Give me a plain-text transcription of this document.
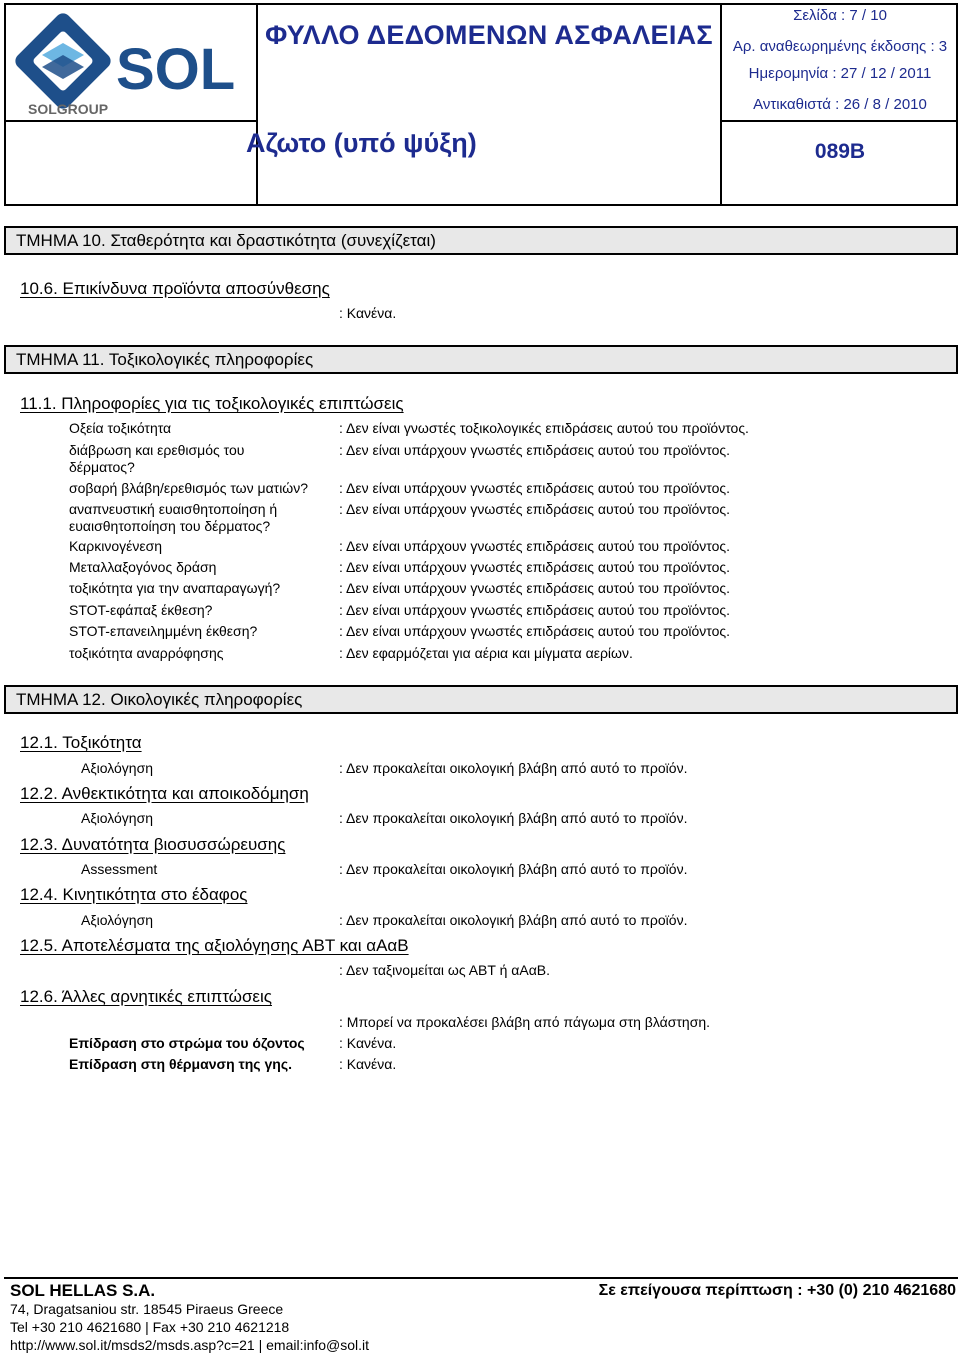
SOL
SOLGROUP
ΦΥΛΛΟ ΔΕΔΟΜΕΝΩΝ ΑΣΦΑΛΕΙΑΣ
Σελίδα : 7 / 10
Αρ. αναθεωρημένης έκδοσης : 3
Ημερομηνία : 27 / 12 / 2011
Αντικαθιστά : 26 / 8 / 2010
Αζωτο (υπό ψύξη)	089B
ΤΜΗΜΑ 10. Σταθερότητα και δραστικότητα (συνεχίζεται)
10.6. Επικίνδυνα προϊόντα αποσύνθεσης
: Κανένα.
ΤΜΗΜΑ 11. Τοξικολογικές πληροφορίες
11.1. Πληροφορίες για τις τοξικολογικές επιπτώσεις
Οξεία τοξικότητα	: Δεν είναι γνωστές τοξικολογικές επιδράσεις αυτού του προϊόντος.
διάβρωση και ερεθισμός του δέρματος?
: Δεν είναι υπάρχουν γνωστές επιδράσεις αυτού του προϊόντος.
σοβαρή βλάβη/ερεθισμός των ματιών? : Δεν είναι υπάρχουν γνωστές επιδράσεις αυτού του προϊόντος.
αναπνευστική ευαισθητοποίηση ή ευαισθητοποίηση του δέρματος?
: Δεν είναι υπάρχουν γνωστές επιδράσεις αυτού του προϊόντος.
Καρκινογένεση	: Δεν είναι υπάρχουν γνωστές επιδράσεις αυτού του προϊόντος.
Μεταλλαξογόνος δράση	: Δεν είναι υπάρχουν γνωστές επιδράσεις αυτού του προϊόντος.
τοξικότητα για την αναπαραγωγή?	: Δεν είναι υπάρχουν γνωστές επιδράσεις αυτού του προϊόντος.
STOT-εφάπαξ έκθεση?	: Δεν είναι υπάρχουν γνωστές επιδράσεις αυτού του προϊόντος.
STOT-επανειλημμένη έκθεση?	: Δεν είναι υπάρχουν γνωστές επιδράσεις αυτού του προϊόντος.
τοξικότητα αναρρόφησης	: Δεν εφαρμόζεται για αέρια και μίγματα αερίων.
ΤΜΗΜΑ 12. Οικολογικές πληροφορίες
12.1. Τοξικότητα
Αξιολόγηση	: Δεν προκαλείται οικολογική βλάβη από αυτό το προϊόν.
12.2. Ανθεκτικότητα και αποικοδόμηση
Αξιολόγηση	: Δεν προκαλείται οικολογική βλάβη από αυτό το προϊόν.
12.3. Δυνατότητα βιοσυσσώρευσης
Assessment	: Δεν προκαλείται οικολογική βλάβη από αυτό το προϊόν.
12.4. Κινητικότητα στο έδαφος
Αξιολόγηση	: Δεν προκαλείται οικολογική βλάβη από αυτό το προϊόν.
12.5. Αποτελέσματα της αξιολόγησης ΑΒΤ και αΑαΒ
: Δεν ταξινομείται ως ΑΒΤ ή αΑαΒ.
12.6. Άλλες αρνητικές επιπτώσεις
: Μπορεί να προκαλέσει βλάβη από πάγωμα στη βλάστηση.
Επίδραση στο στρώμα του όζοντος : Κανένα.
Επίδραση στη θέρμανση της γης.	: Κανένα.
SOL HELLAS S.A.	Σε επείγουσα περίπτωση : +30 (0) 210 4621680
74, Dragatsaniou str. 18545 Piraeus Greece
Tel +30 210 4621680 | Fax +30 210 4621218
http://www.sol.it/msds2/msds.asp?c=21 | email:info@sol.it
